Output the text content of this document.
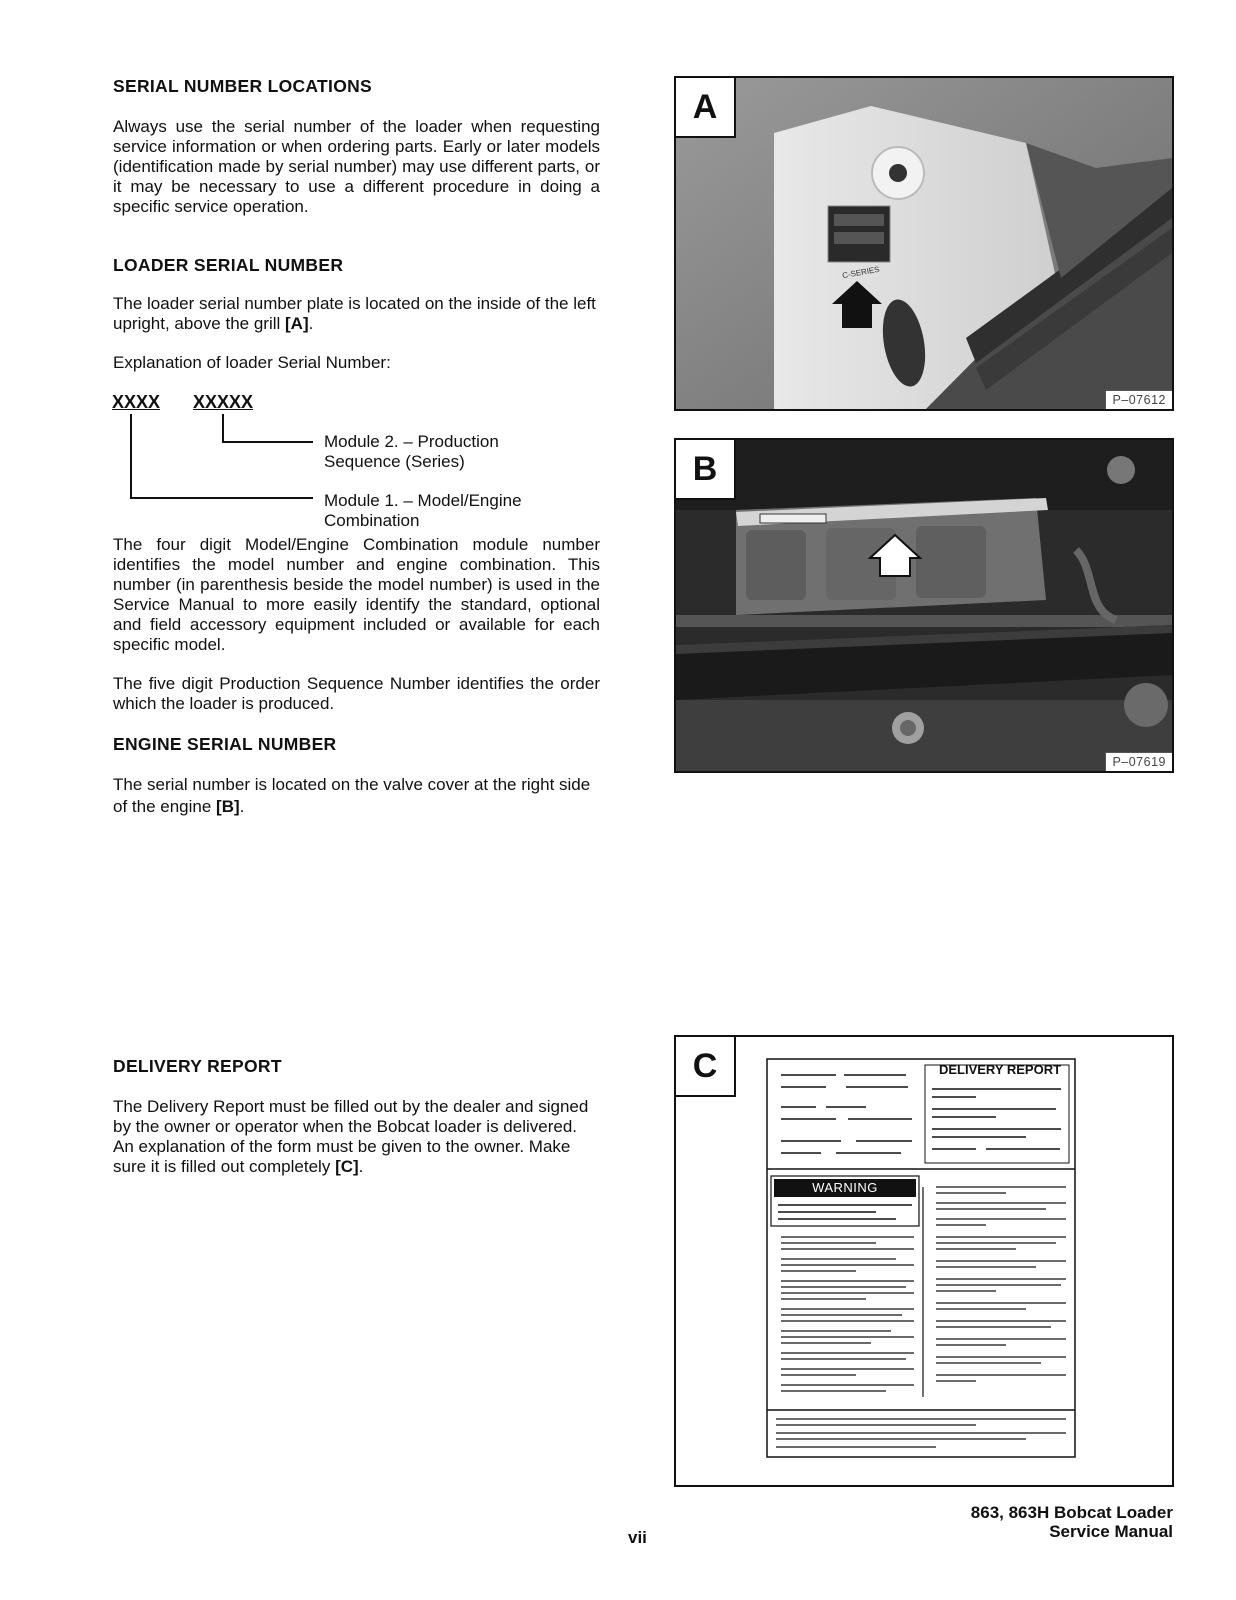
SERIAL NUMBER LOCATIONS

Always use the serial number of the loader when requesting service information or when ordering parts. Early or later models (identification made by serial number) may use different parts, or it may be necessary to use a different procedure in doing a specific service operation.

LOADER SERIAL NUMBER

The loader serial number plate is located on the inside of the left upright, above the grill [A].

Explanation of loader Serial Number:

XXXX XXXXX
Module 2. – Production
Sequence (Series)
Module 1. – Model/Engine
Combination

The four digit Model/Engine Combination module number identifies the model number and engine combination. This number (in parenthesis beside the model number) is used in the Service Manual to more easily identify the standard, optional and field accessory equipment included or available for each specific model.

The five digit Production Sequence Number identifies the order which the loader is produced.

ENGINE SERIAL NUMBER

The serial number is located on the valve cover at the right side of the engine [B].

DELIVERY REPORT

The Delivery Report must be filled out by the dealer and signed by the owner or operator when the Bobcat loader is delivered. An explanation of the form must be given to the owner. Make sure it is filled out completely [C].

A
C-SERIES
P–07612
B
P–07619
C	DELIVERY REPORT
WARNING
vii
863, 863H Bobcat Loader
Service Manual
